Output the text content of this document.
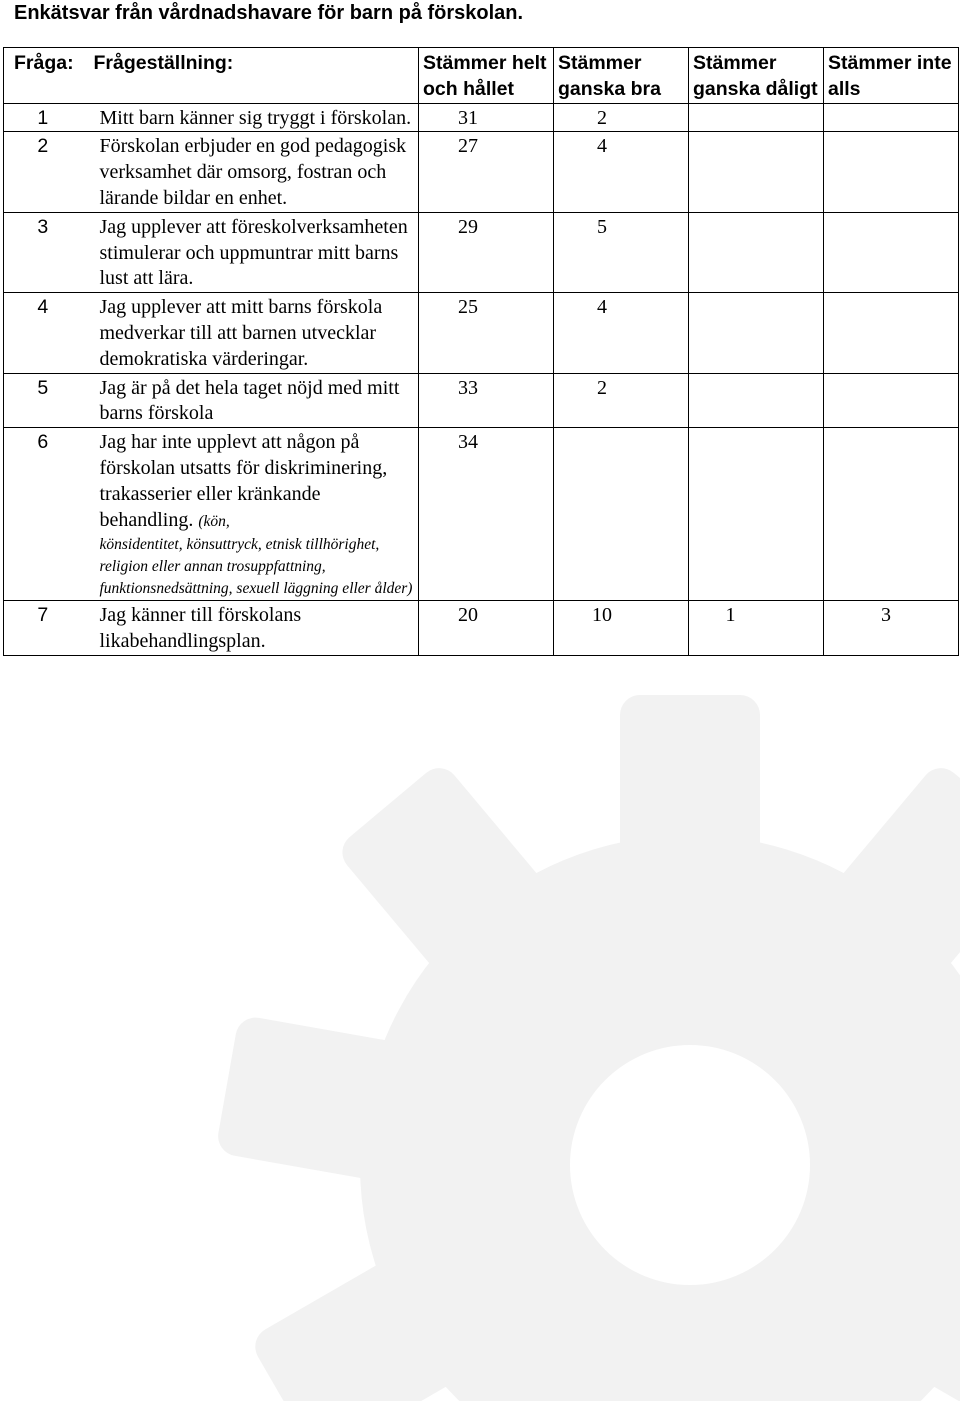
Enkätsvar från vårdnadshavare för barn på förskolan.
Fråga:	Frågeställning:	Stämmer helt och hållet	Stämmer ganska bra	Stämmer ganska dåligt	Stämmer inte alls
1	Mitt barn känner sig tryggt i förskolan.	31	2		
2	Förskolan erbjuder en god pedagogisk verksamhet där omsorg, fostran och lärande bildar en enhet.	27	4		
3	Jag upplever att föreskolverksamheten stimulerar och uppmuntrar mitt barns lust att lära.	29	5		
4	Jag upplever att mitt barns förskola medverkar till att barnen utvecklar demokratiska värderingar.	25	4		
5	Jag är på det hela taget nöjd med mitt barns förskola	33	2		
6	Jag har inte upplevt att någon på förskolan utsatts för diskriminering, trakasserier eller kränkande behandling. (kön,
könsidentitet, könsuttryck, etnisk tillhörighet, religion eller annan trosuppfattning, funktionsnedsättning, sexuell läggning eller ålder)	34			
7	Jag känner till förskolans likabehandlingsplan.	20	10	1	3
